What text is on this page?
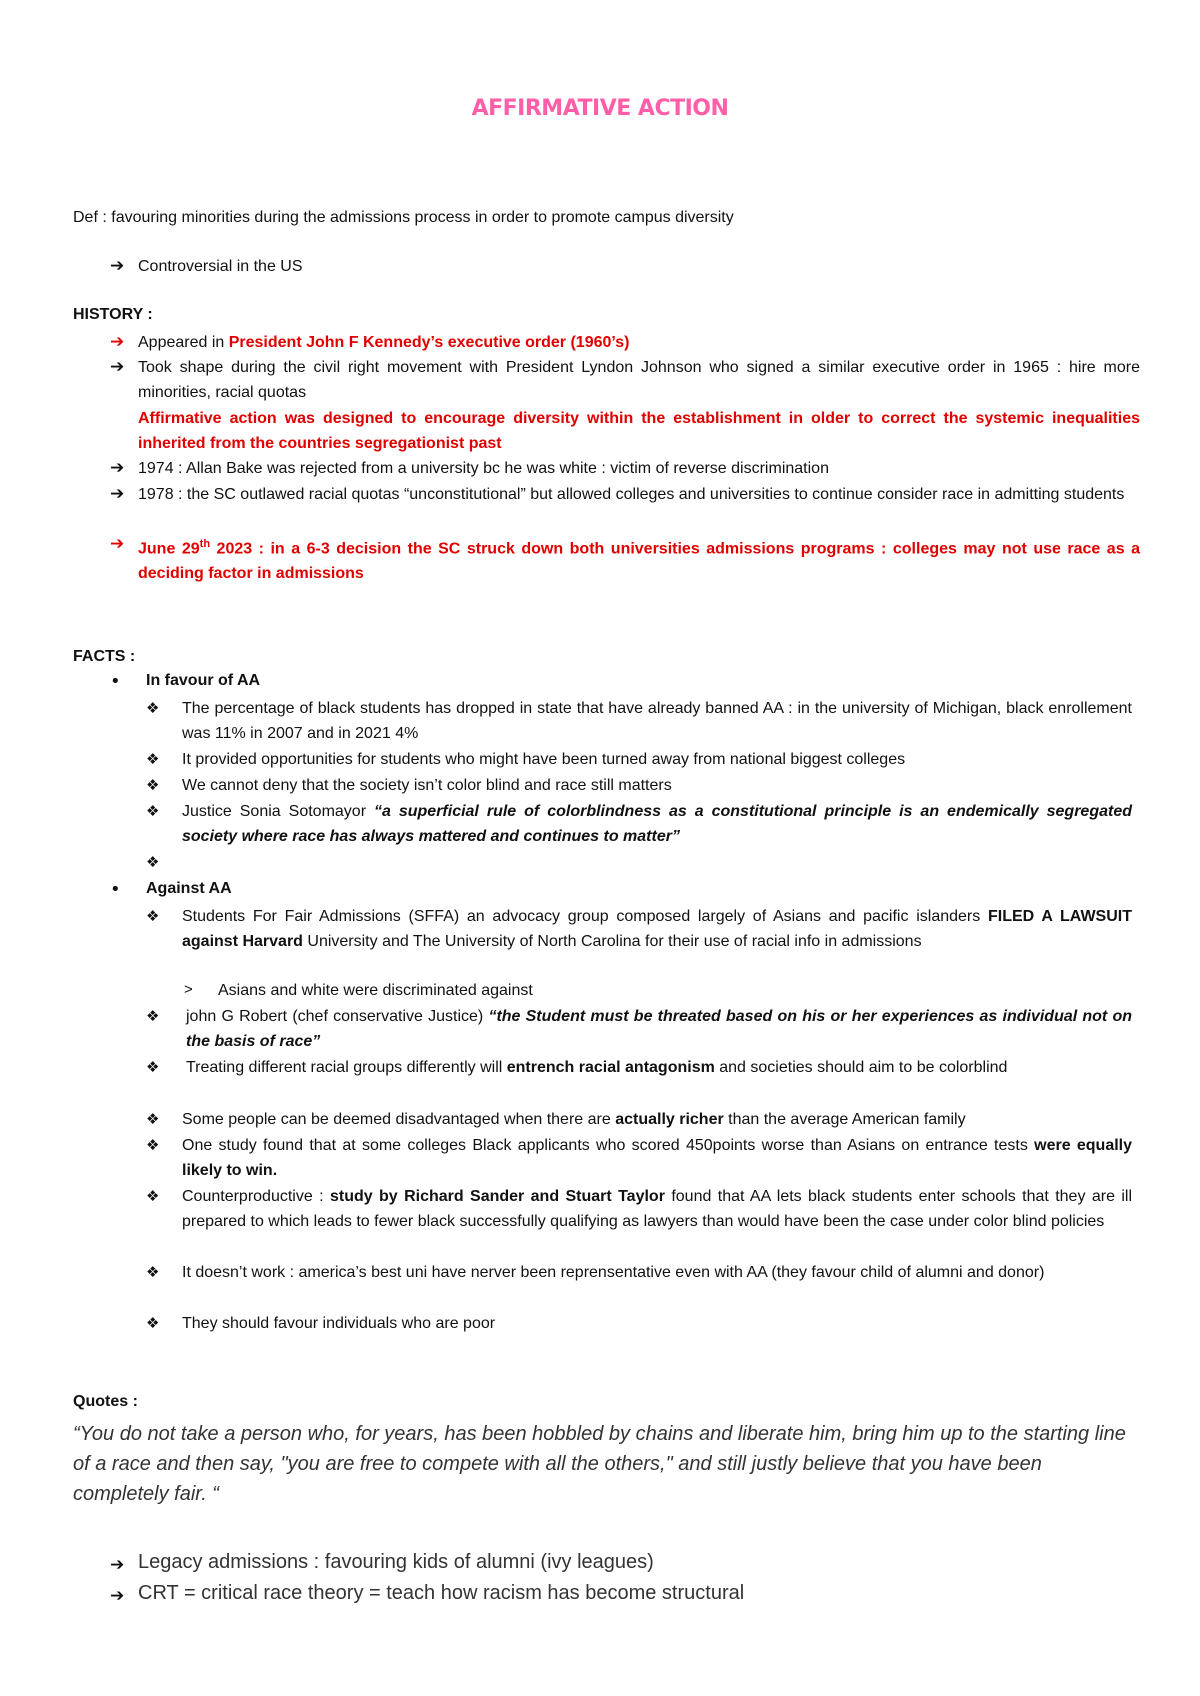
AFFIRMATIVE ACTION
Def : favouring minorities during the admissions process in order to promote campus diversity
➔ Controversial in the US
HISTORY :
➔ Appeared in President John F Kennedy’s executive order (1960’s)
➔ Took shape during the civil right movement with President Lyndon Johnson who signed a similar executive order in 1965 : hire more minorities, racial quotas
Affirmative action was designed to encourage diversity within the establishment in older to correct the systemic inequalities inherited from the countries segregationist past
➔ 1974 : Allan Bake was rejected from a university bc he was white : victim of reverse discrimination
➔ 1978 : the SC outlawed racial quotas “unconstitutional” but allowed colleges and universities to continue consider race in admitting students
➔ June 29th 2023 : in a 6-3 decision the SC struck down both universities admissions programs : colleges may not use race as a deciding factor in admissions
FACTS :
• In favour of AA
❖ The percentage of black students has dropped in state that have already banned AA : in the university of Michigan, black enrollement was 11% in 2007 and in 2021 4%
❖ It provided opportunities for students who might have been turned away from national biggest colleges
❖ We cannot deny that the society isn’t color blind and race still matters
❖ Justice Sonia Sotomayor “a superficial rule of colorblindness as a constitutional principle is an endemically segregated society where race has always mattered and continues to matter”
❖
• Against AA
❖ Students For Fair Admissions (SFFA) an advocacy group composed largely of Asians and pacific islanders FILED A LAWSUIT against Harvard University and The University of North Carolina for their use of racial info in admissions
> Asians and white were discriminated against
❖ john G Robert (chef conservative Justice) “the Student must be threated based on his or her experiences as individual not on the basis of race”
❖ Treating different racial groups differently will entrench racial antagonism and societies should aim to be colorblind
❖ Some people can be deemed disadvantaged when there are actually richer than the average American family
❖ One study found that at some colleges Black applicants who scored 450points worse than Asians on entrance tests were equally likely to win.
❖ Counterproductive : study by Richard Sander and Stuart Taylor found that AA lets black students enter schools that they are ill prepared to which leads to fewer black successfully qualifying as lawyers than would have been the case under color blind policies
❖ It doesn’t work : america’s best uni have nerver been reprensentative even with AA (they favour child of alumni and donor)
❖ They should favour individuals who are poor
Quotes :
“You do not take a person who, for years, has been hobbled by chains and liberate him, bring him up to the starting line of a race and then say, "you are free to compete with all the others," and still justly believe that you have been completely fair. “
➔ Legacy admissions : favouring kids of alumni (ivy leagues)
➔ CRT = critical race theory = teach how racism has become structural
